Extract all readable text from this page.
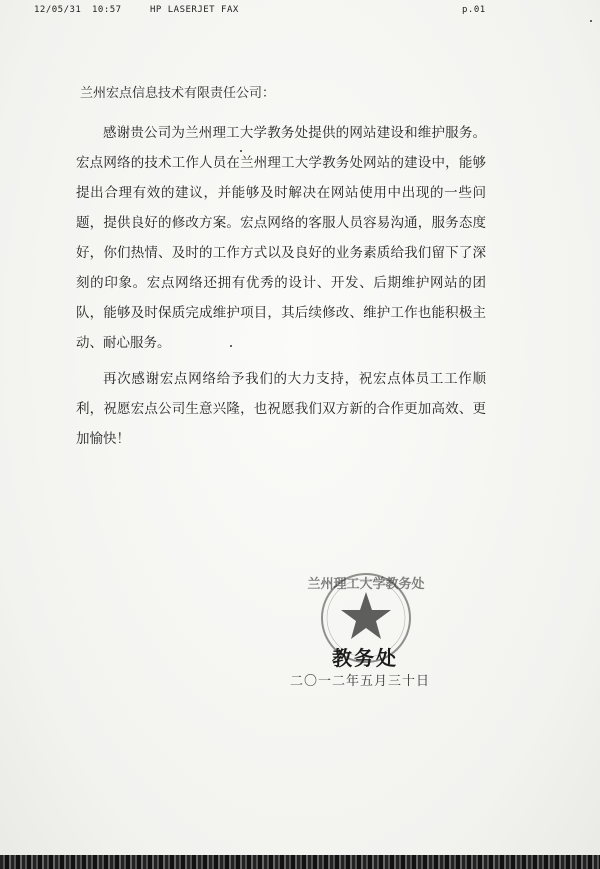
12/05/31 10:57	HP LASERJET FAX	p.01
兰州宏点信息技术有限责任公司：
感谢贵公司为兰州理工大学教务处提供的网站建设和维护服务。宏点网络的技术工作人员在兰州理工大学教务处网站的建设中，能够提出合理有效的建议，并能够及时解决在网站使用中出现的一些问题，提供良好的修改方案。宏点网络的客服人员容易沟通，服务态度好，你们热情、及时的工作方式以及良好的业务素质给我们留下了深刻的印象。宏点网络还拥有优秀的设计、开发、后期维护网站的团队，能够及时保质完成维护项目，其后续修改、维护工作也能积极主动、耐心服务。
再次感谢宏点网络给予我们的大力支持，祝宏点体员工工作顺利，祝愿宏点公司生意兴隆，也祝愿我们双方新的合作更加高效、更加愉快！
兰州理工大学教务处
教务处
二〇一二年五月三十日
